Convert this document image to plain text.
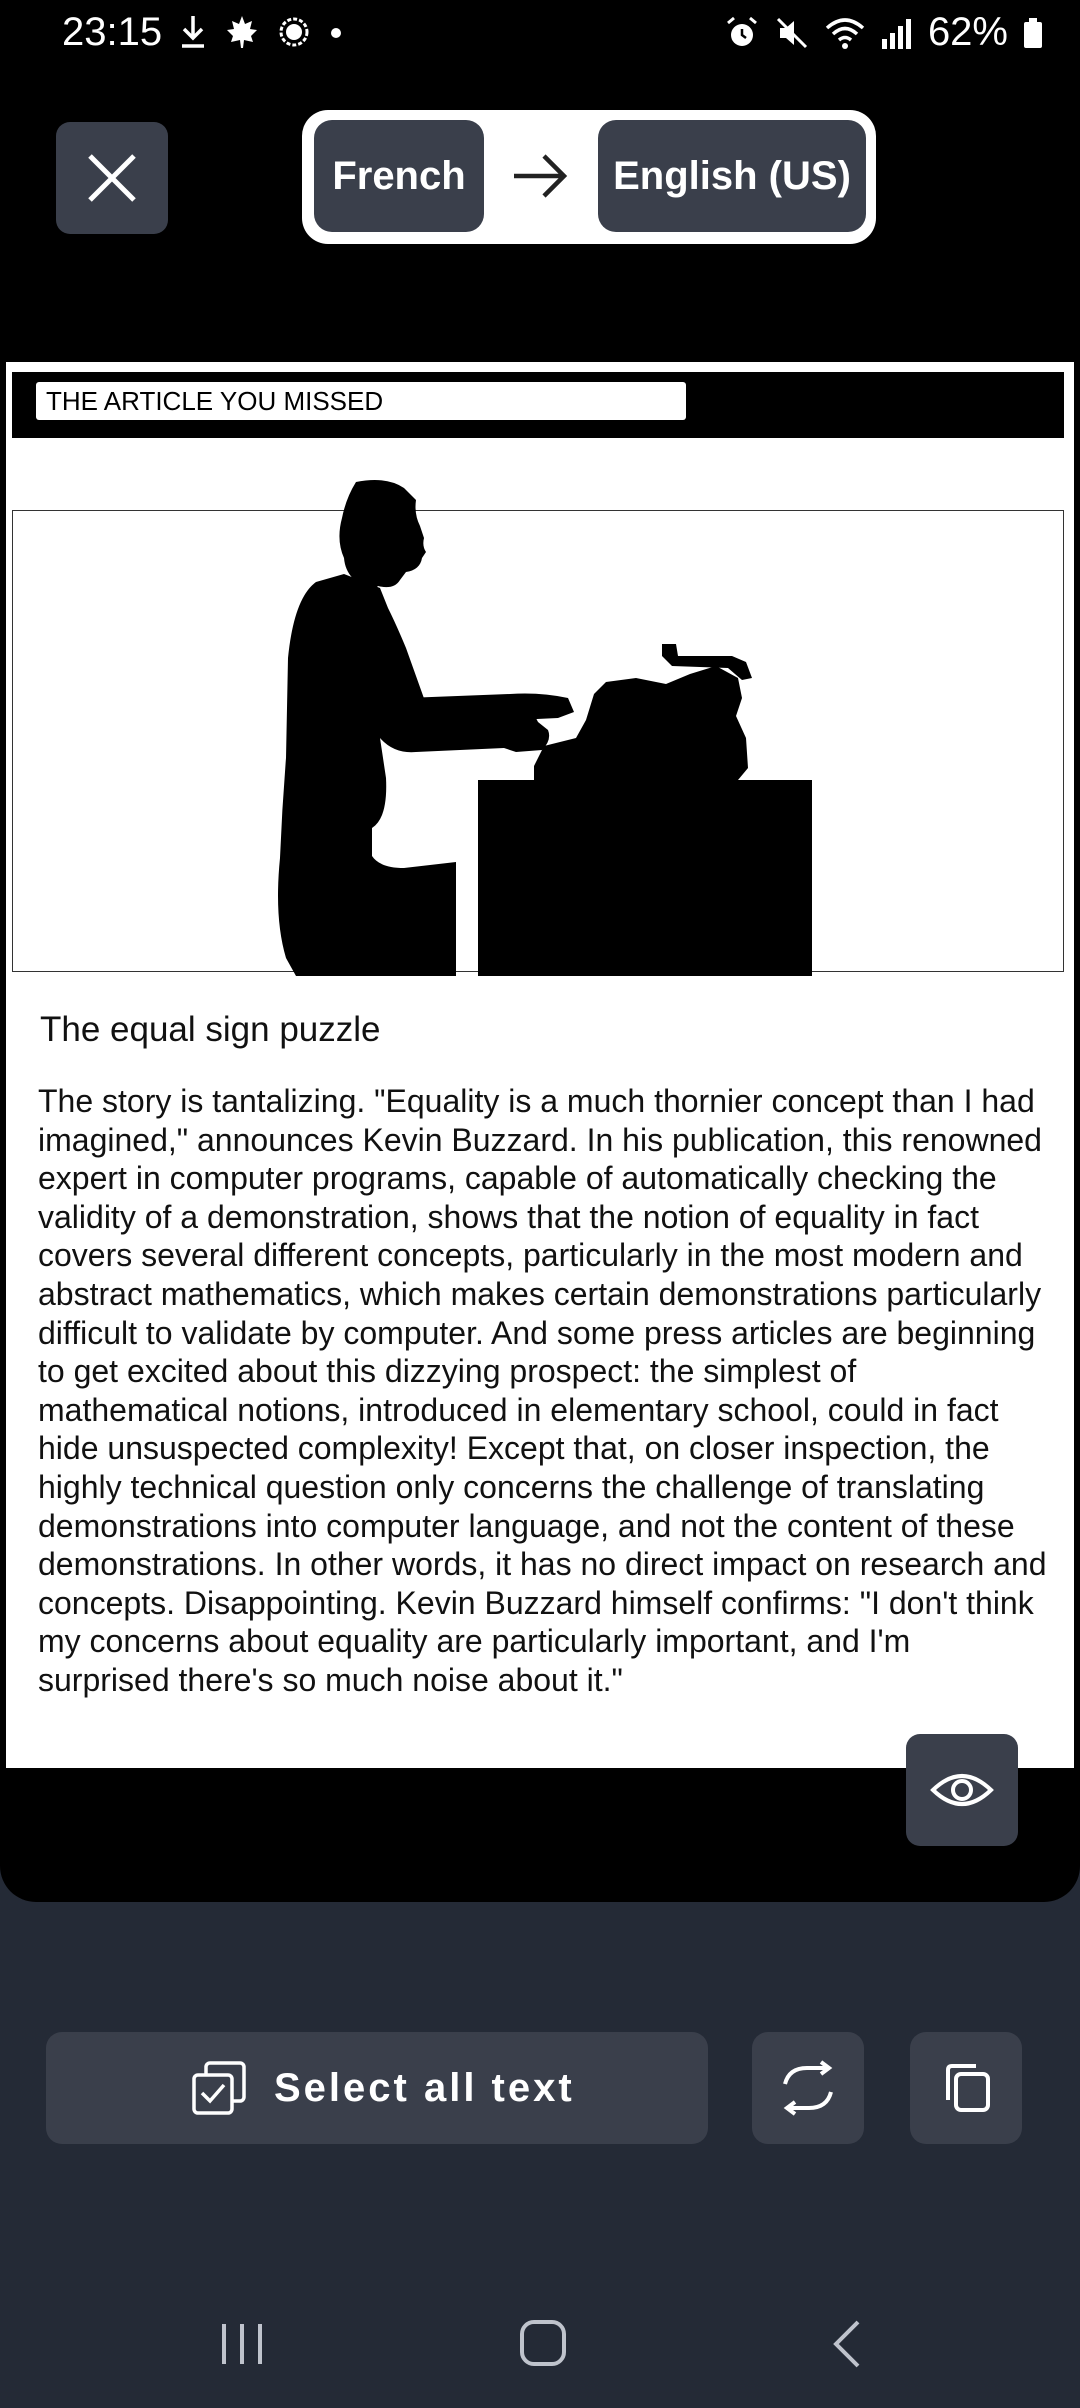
23:15	62%
French	English (US)
THE ARTICLE YOU MISSED
The equal sign puzzle
The story is tantalizing. "Equality is a much thornier concept than I had imagined," announces Kevin Buzzard. In his publication, this renowned expert in computer programs, capable of automatically checking the validity of a demonstration, shows that the notion of equality in fact covers several different concepts, particularly in the most modern and abstract mathematics, which makes certain demonstrations particularly difficult to validate by computer. And some press articles are beginning to get excited about this dizzying prospect: the simplest of mathematical notions, introduced in elementary school, could in fact hide unsuspected complexity! Except that, on closer inspection, the highly technical question only concerns the challenge of translating demonstrations into computer language, and not the content of these demonstrations. In other words, it has no direct impact on research and concepts. Disappointing. Kevin Buzzard himself confirms: "I don't think my concerns about equality are particularly important, and I'm surprised there's so much noise about it."
Select all text
